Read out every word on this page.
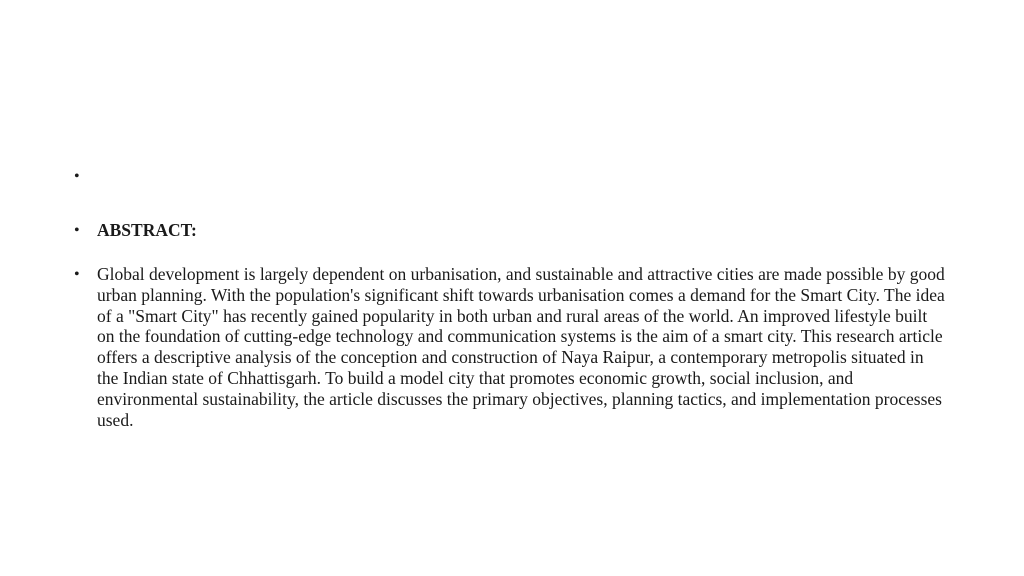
•
• ABSTRACT:
• Global development is largely dependent on urbanisation, and sustainable and attractive cities are made possible by good urban planning. With the population's significant shift towards urbanisation comes a demand for the Smart City. The idea of a "Smart City" has recently gained popularity in both urban and rural areas of the world. An improved lifestyle built on the foundation of cutting-edge technology and communication systems is the aim of a smart city. This research article offers a descriptive analysis of the conception and construction of Naya Raipur, a contemporary metropolis situated in the Indian state of Chhattisgarh. To build a model city that promotes economic growth, social inclusion, and environmental sustainability, the article discusses the primary objectives, planning tactics, and implementation processes used.
